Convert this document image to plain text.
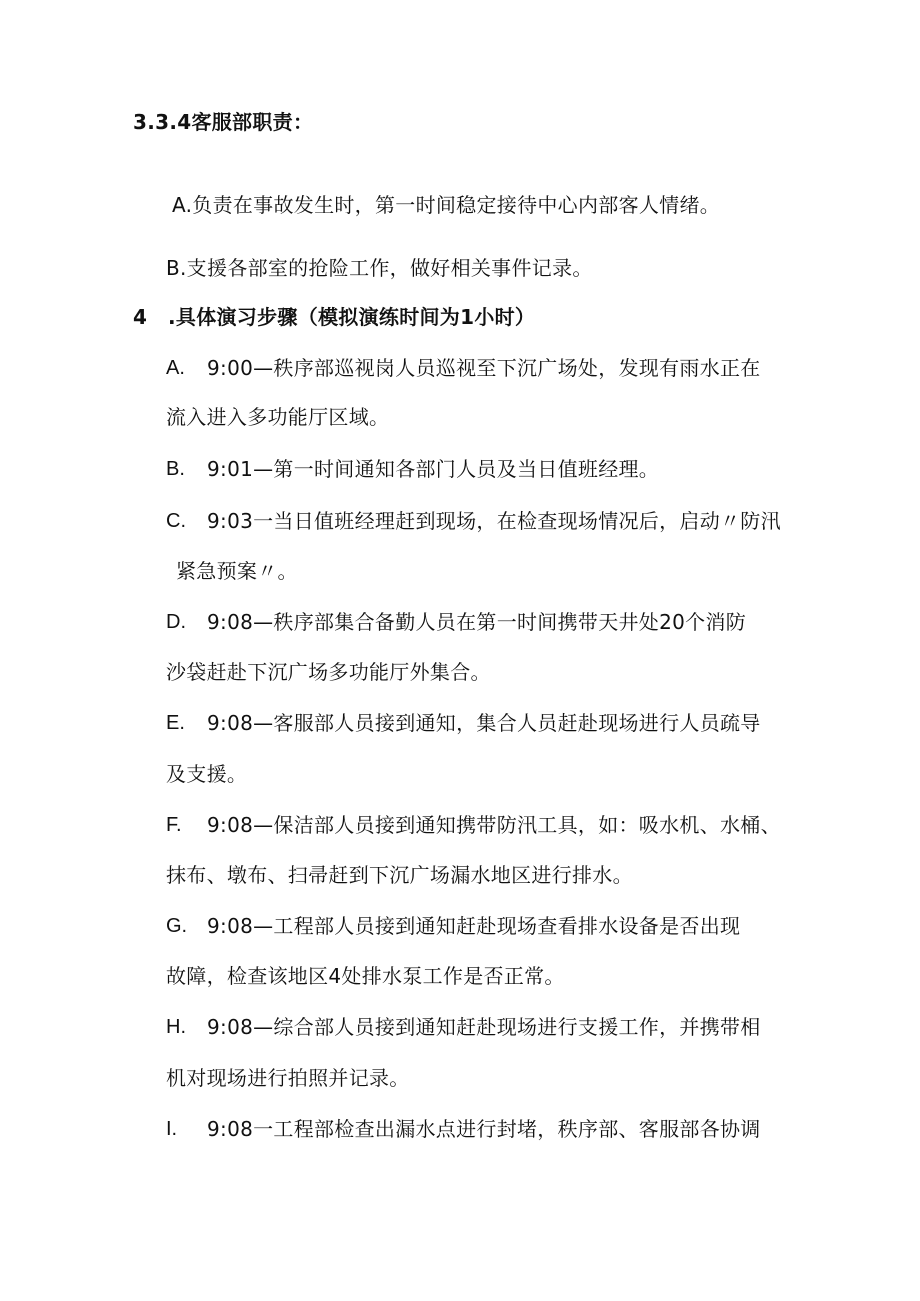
3.3.4客服部职责：
A.负责在事故发生时，第一时间稳定接待中心内部客人情绪。
B.支援各部室的抢险工作，做好相关事件记录。
4 .具体演习步骤（模拟演练时间为1小时）
A. 9:00—秩序部巡视岗人员巡视至下沉广场处，发现有雨水正在
流入进入多功能厅区域。
B. 9:01—第一时间通知各部门人员及当日值班经理。
C. 9:03一当日值班经理赶到现场，在检查现场情况后，启动〃防汛
紧急预案〃。
D. 9:08—秩序部集合备勤人员在第一时间携带天井处20个消防
沙袋赶赴下沉广场多功能厅外集合。
E. 9:08—客服部人员接到通知，集合人员赶赴现场进行人员疏导
及支援。
F. 9:08—保洁部人员接到通知携带防汛工具，如：吸水机、水桶、
抹布、墩布、扫帚赶到下沉广场漏水地区进行排水。
G. 9:08—工程部人员接到通知赶赴现场查看排水设备是否出现
故障，检查该地区4处排水泵工作是否正常。
H. 9:08—综合部人员接到通知赶赴现场进行支援工作，并携带相
机对现场进行拍照并记录。
I. 9:08一工程部检查出漏水点进行封堵，秩序部、客服部各协调
